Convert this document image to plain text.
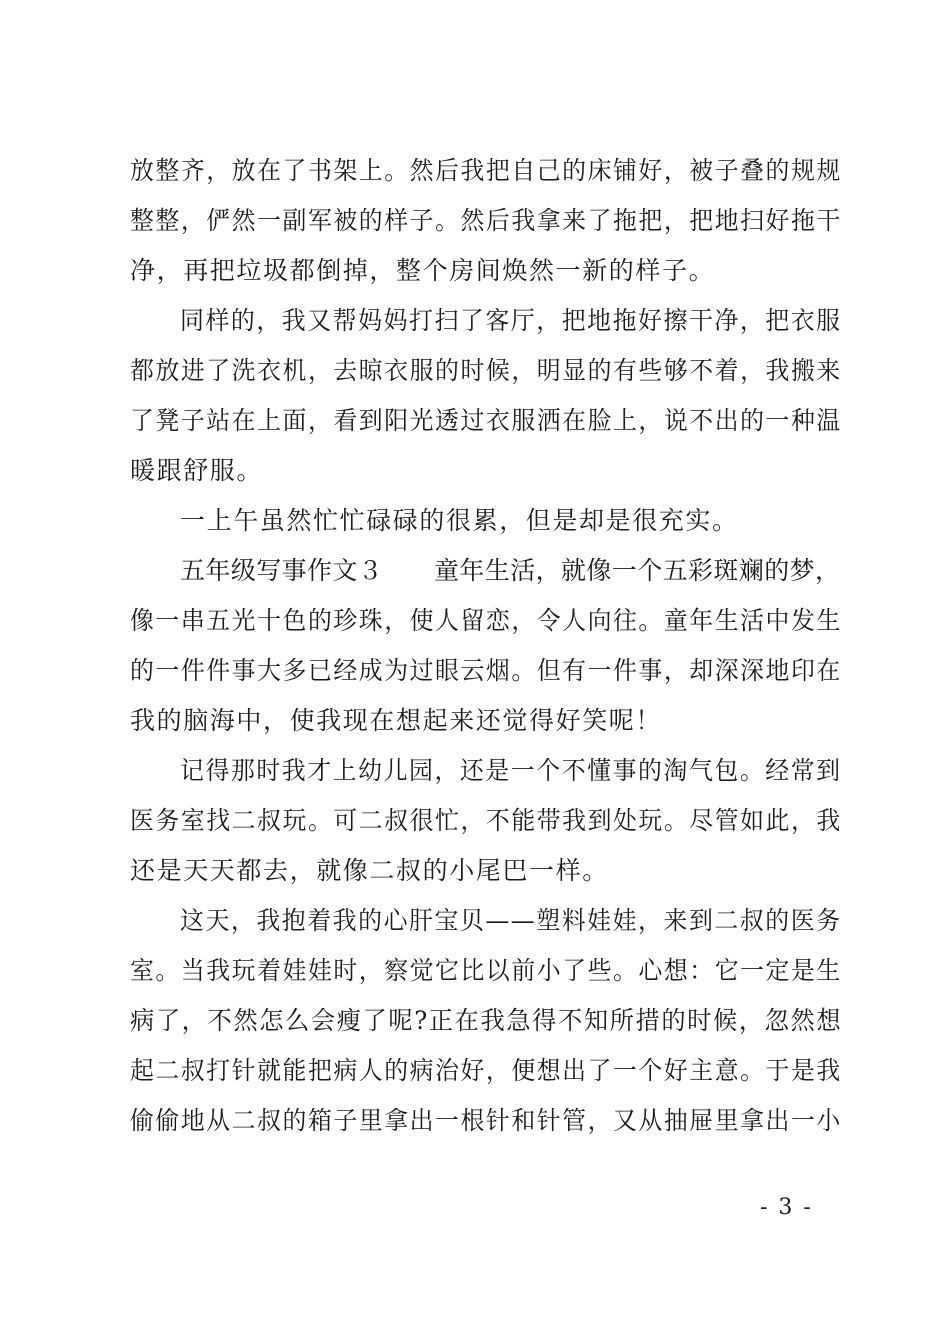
放整齐，放在了书架上。然后我把自己的床铺好，被子叠的规规
整整，俨然一副军被的样子。然后我拿来了拖把，把地扫好拖干
净，再把垃圾都倒掉，整个房间焕然一新的样子。
同样的，我又帮妈妈打扫了客厅，把地拖好擦干净，把衣服
都放进了洗衣机，去晾衣服的时候，明显的有些够不着，我搬来
了凳子站在上面，看到阳光透过衣服洒在脸上，说不出的一种温
暖跟舒服。
一上午虽然忙忙碌碌的很累，但是却是很充实。
五年级写事作文３　　童年生活，就像一个五彩斑斓的梦，
像一串五光十色的珍珠，使人留恋，令人向往。童年生活中发生
的一件件事大多已经成为过眼云烟。但有一件事，却深深地印在
我的脑海中，使我现在想起来还觉得好笑呢！
记得那时我才上幼儿园，还是一个不懂事的淘气包。经常到
医务室找二叔玩。可二叔很忙，不能带我到处玩。尽管如此，我
还是天天都去，就像二叔的小尾巴一样。
这天，我抱着我的心肝宝贝——塑料娃娃，来到二叔的医务
室。当我玩着娃娃时，察觉它比以前小了些。心想：它一定是生
病了，不然怎么会瘦了呢?正在我急得不知所措的时候，忽然想
起二叔打针就能把病人的病治好，便想出了一个好主意。于是我
偷偷地从二叔的箱子里拿出一根针和针管，又从抽屉里拿出一小
- 3 -
